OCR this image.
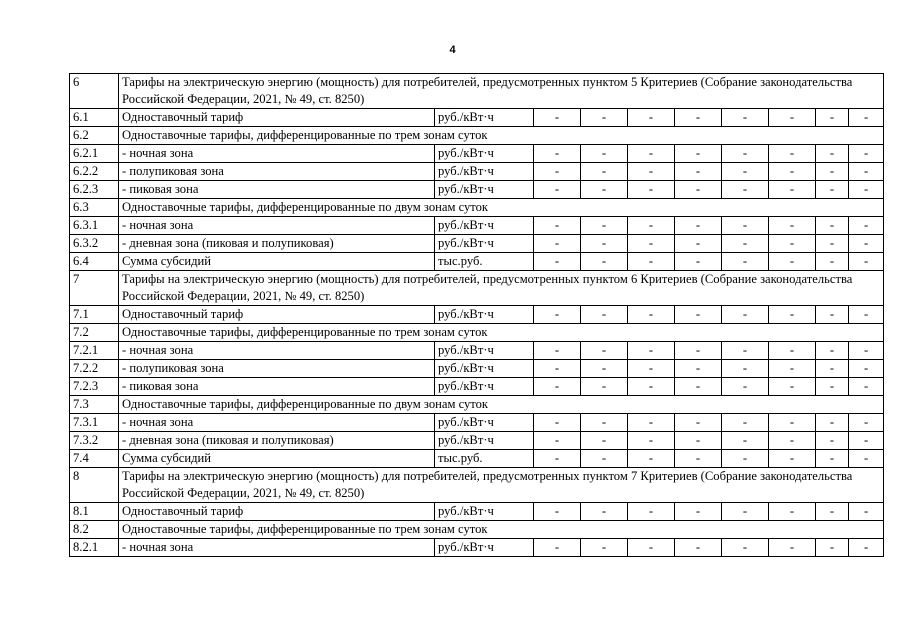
4
6	Тарифы на электрическую энергию (мощность) для потребителей, предусмотренных пунктом 5 Критериев (Собрание законодательства Российской Федерации, 2021, № 49, ст. 8250)									
6.1	Одноставочный тариф	руб./кВт·ч	-	-	-	-	-	-	-	-
6.2	Одноставочные тарифы, дифференцированные по трем зонам суток									
6.2.1	- ночная зона	руб./кВт·ч	-	-	-	-	-	-	-	-
6.2.2	- полупиковая зона	руб./кВт·ч	-	-	-	-	-	-	-	-
6.2.3	- пиковая зона	руб./кВт·ч	-	-	-	-	-	-	-	-
6.3	Одноставочные тарифы, дифференцированные по двум зонам суток									
6.3.1	- ночная зона	руб./кВт·ч	-	-	-	-	-	-	-	-
6.3.2	- дневная зона (пиковая и полупиковая)	руб./кВт·ч	-	-	-	-	-	-	-	-
6.4	Сумма субсидий	тыс.руб.	-	-	-	-	-	-	-	-
7	Тарифы на электрическую энергию (мощность) для потребителей, предусмотренных пунктом 6 Критериев (Собрание законодательства Российской Федерации, 2021, № 49, ст. 8250)									
7.1	Одноставочный тариф	руб./кВт·ч	-	-	-	-	-	-	-	-
7.2	Одноставочные тарифы, дифференцированные по трем зонам суток									
7.2.1	- ночная зона	руб./кВт·ч	-	-	-	-	-	-	-	-
7.2.2	- полупиковая зона	руб./кВт·ч	-	-	-	-	-	-	-	-
7.2.3	- пиковая зона	руб./кВт·ч	-	-	-	-	-	-	-	-
7.3	Одноставочные тарифы, дифференцированные по двум зонам суток									
7.3.1	- ночная зона	руб./кВт·ч	-	-	-	-	-	-	-	-
7.3.2	- дневная зона (пиковая и полупиковая)	руб./кВт·ч	-	-	-	-	-	-	-	-
7.4	Сумма субсидий	тыс.руб.	-	-	-	-	-	-	-	-
8	Тарифы на электрическую энергию (мощность) для потребителей, предусмотренных пунктом 7 Критериев (Собрание законодательства Российской Федерации, 2021, № 49, ст. 8250)									
8.1	Одноставочный тариф	руб./кВт·ч	-	-	-	-	-	-	-	-
8.2	Одноставочные тарифы, дифференцированные по трем зонам суток									
8.2.1	- ночная зона	руб./кВт·ч	-	-	-	-	-	-	-	-
